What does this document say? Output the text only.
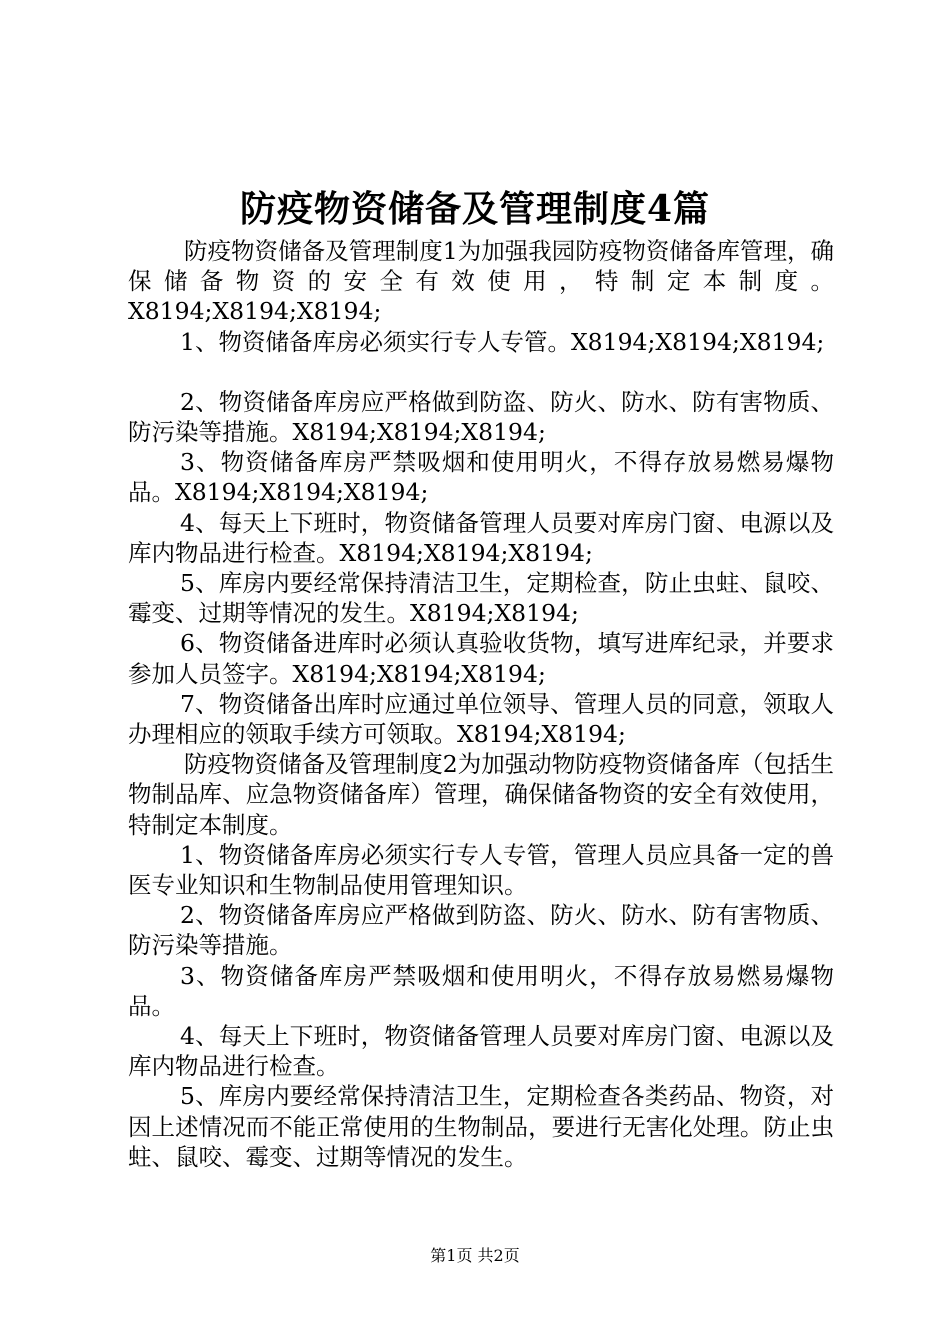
防疫物资储备及管理制度4篇

防疫物资储备及管理制度1为加强我园防疫物资储备库管理，确保储备物资的安全有效使用，特制定本制度。X8194;X8194;X8194;

1、物资储备库房必须实行专人专管。X8194;X8194;X8194;

2、物资储备库房应严格做到防盗、防火、防水、防有害物质、防污染等措施。X8194;X8194;X8194;

3、物资储备库房严禁吸烟和使用明火，不得存放易燃易爆物品。X8194;X8194;X8194;

4、每天上下班时，物资储备管理人员要对库房门窗、电源以及库内物品进行检查。X8194;X8194;X8194;

5、库房内要经常保持清洁卫生，定期检查，防止虫蛀、鼠咬、霉变、过期等情况的发生。X8194;X8194;

6、物资储备进库时必须认真验收货物，填写进库纪录，并要求参加人员签字。X8194;X8194;X8194;

7、物资储备出库时应通过单位领导、管理人员的同意，领取人办理相应的领取手续方可领取。X8194;X8194;

防疫物资储备及管理制度2为加强动物防疫物资储备库（包括生物制品库、应急物资储备库）管理，确保储备物资的安全有效使用，特制定本制度。

1、物资储备库房必须实行专人专管，管理人员应具备一定的兽医专业知识和生物制品使用管理知识。

2、物资储备库房应严格做到防盗、防火、防水、防有害物质、防污染等措施。

3、物资储备库房严禁吸烟和使用明火，不得存放易燃易爆物品。

4、每天上下班时，物资储备管理人员要对库房门窗、电源以及库内物品进行检查。

5、库房内要经常保持清洁卫生，定期检查各类药品、物资，对因上述情况而不能正常使用的生物制品，要进行无害化处理。防止虫蛀、鼠咬、霉变、过期等情况的发生。

第1页 共2页
